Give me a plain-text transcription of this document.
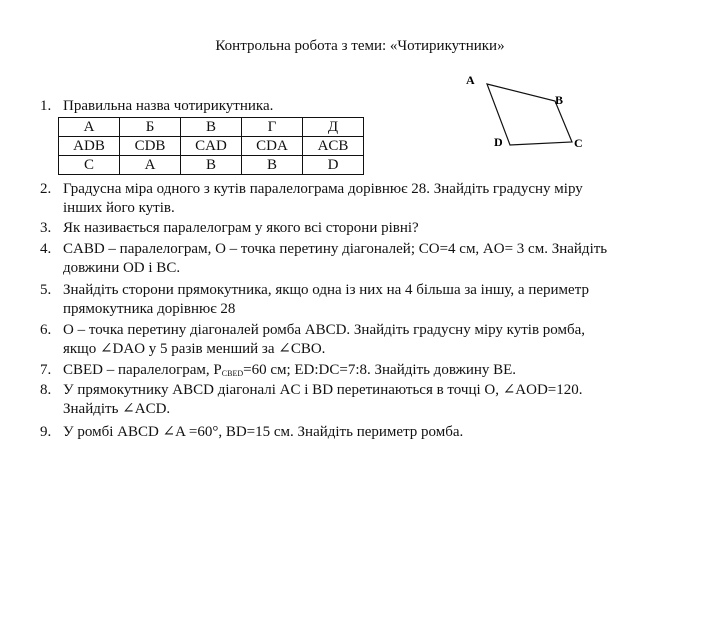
Контрольна робота з теми: «Чотирикутники»
A
B
C
D
1. Правильна назва чотирикутника.
А	Б	В	Г	Д
ADB	CDB	CAD	CDA	ACB
C	A	B	B	D
2. Градусна міра одного з кутів паралелограма дорівнює 28. Знайдіть градусну міру
інших його кутів.
3. Як називається паралелограм у якого всі сторони рівні?
4. CABD – паралелограм, O – точка перетину діагоналей; CO=4 см, AO= 3 см. Знайдіть
довжини OD і BC.
5. Знайдіть сторони прямокутника, якщо одна із них на 4 більша за іншу, а периметр
прямокутника дорівнює 28
6. O – точка перетину діагоналей ромба ABCD. Знайдіть градусну міру кутів ромба,
якщо ∠DAO у 5 разів менший за ∠CBO.
7. CBED – паралелограм, $P_{CBED}=60$ см; ED:DC=7:8. Знайдіть довжину BE.
8. У прямокутнику ABCD діагоналі AC і BD перетинаються в точці O, ∠AOD=120.
Знайдіть ∠ACD.
9. У ромбі ABCD ∠A =60°, BD=15 см. Знайдіть периметр ромба.
